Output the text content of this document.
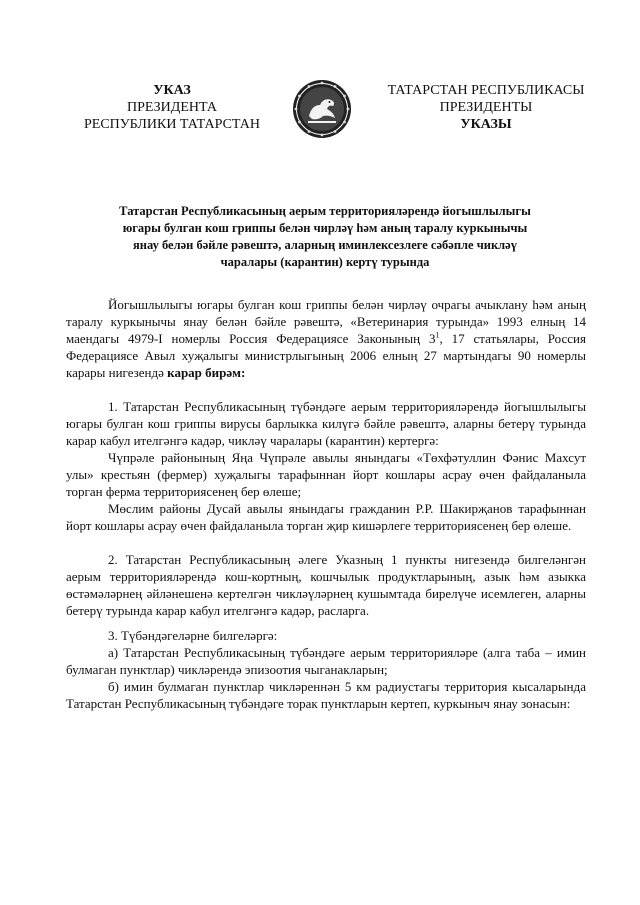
УКАЗ
ПРЕЗИДЕНТА
РЕСПУБЛИКИ ТАТАРСТАН
ТАТАРСТАН РЕСПУБЛИКАСЫ
ПРЕЗИДЕНТЫ
УКАЗЫ
Татарстан Республикасының аерым территорияләрендә йогышлылыгы
югары булган кош гриппы белән чирләү һәм аның таралу куркынычы
янау белән бәйле рәвештә, аларның иминлексезлеге сәбәпле чикләү
чаралары (карантин) кертү турында

Йогышлылыгы югары булган кош гриппы белән чирләү очрагы ачыклану һәм аның таралу куркынычы янау белән бәйле рәвештә, «Ветеринария турында» 1993 елның 14 маендагы 4979-I номерлы Россия Федерациясе Законының $3^1$, 17 статьялары, Россия Федерациясе Авыл хуҗалыгы министрлыгының 2006 елның 27 мартындагы 90 номерлы карары нигезендә карар бирәм:

1. Татарстан Республикасының түбәндәге аерым территорияләрендә йогышлылыгы югары булган кош гриппы вирусы барлыкка килүгә бәйле рәвештә, аларны бетерү турында карар кабул ителгәнгә кадәр, чикләү чаралары (карантин) кертергә:

Чүпрәле районының Яңа Чүпрәле авылы янындагы «Төхфәтуллин Фәнис Махсут улы» крестьян (фермер) хуҗалыгы тарафыннан йорт кошлары асрау өчен файдаланыла торган ферма территориясенең бер өлеше;

Мөслим районы Дусай авылы янындагы гражданин Р.Р. Шакирҗанов тарафыннан йорт кошлары асрау өчен файдаланыла торган җир кишәрлеге территориясенең бер өлеше.

2. Татарстан Республикасының әлеге Указның 1 пункты нигезендә билгеләнгән аерым территорияләрендә кош-кортның, кошчылык продуктларының, азык һәм азыкка өстәмәләрнең әйләнешенә кертелгән чикләүләрнең кушымтада бирелүче исемлеген, аларны бетерү турында карар кабул ителгәнгә кадәр, расларга.

3. Түбәндәгеләрне билгеләргә:

а) Татарстан Республикасының түбәндәге аерым территорияләре (алга таба – имин булмаган пунктлар) чикләрендә эпизоотия чыганакларын;

б) имин булмаган пунктлар чикләреннән 5 км радиустагы территория кысаларында Татарстан Республикасының түбәндәге торак пунктларын кертеп, куркыныч янау зонасын:
